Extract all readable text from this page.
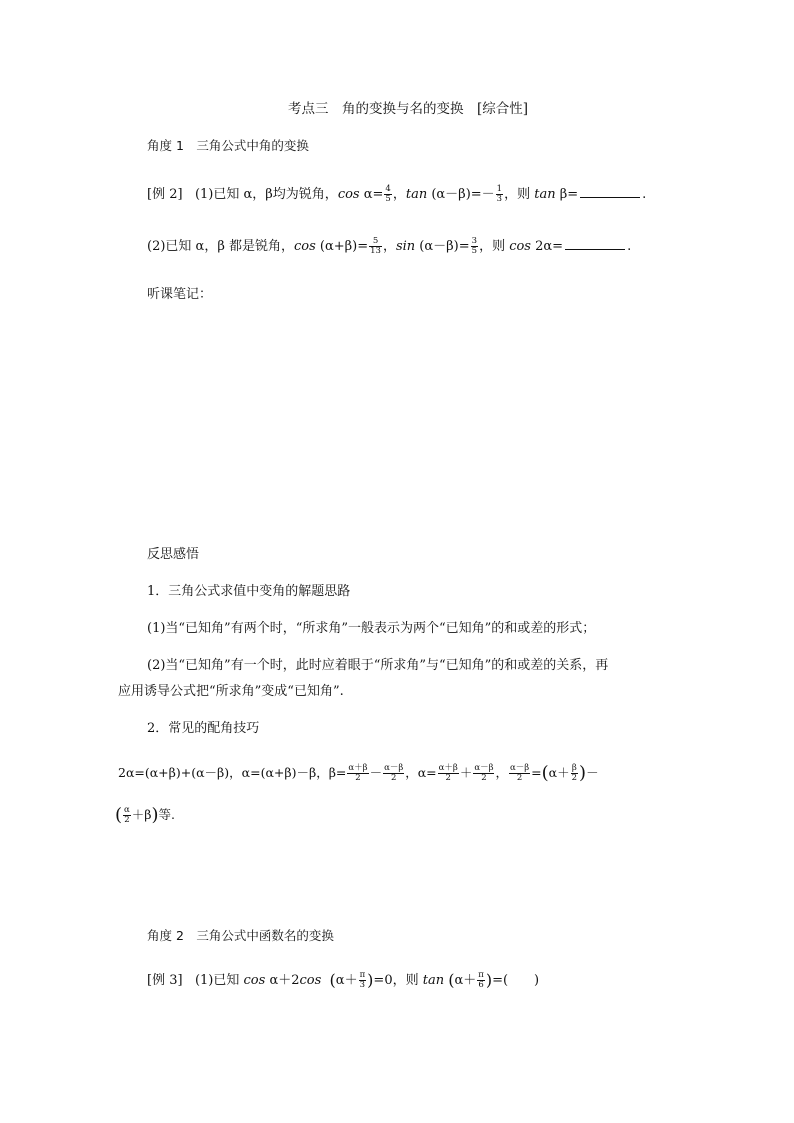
考点三　角的变换与名的变换　[综合性]
角度 1　三角公式中角的变换
[例 2] (1)已知 α，β均为锐角，$\cos \alpha= \frac{4}{5}$ ，$\tan (\alpha-\beta)=- \frac{1}{3}$ ，则 tan β=	.
(2)已知 α，β 都是锐角，$\cos (\alpha+\beta)= \frac{5}{13}$ ，$\sin (\alpha-\beta)= \frac{3}{5}$ ，则 cos 2α=	.
听课笔记：
反思感悟
1．三角公式求值中变角的解题思路
(1)当“已知角”有两个时，“所求角”一般表示为两个“已知角”的和或差的形式；
(2)当“已知角”有一个时，此时应着眼于“所求角”与“已知角”的和或差的关系，再
应用诱导公式把“所求角”变成“已知角”.
2．常见的配角技巧
2α=(α+β)+(α－β)，α=(α+β)－β，$\beta= \frac{\alpha+\beta}{2} - \frac{\alpha-\beta}{2}$ ，$\alpha= \frac{\alpha+\beta}{2} + \frac{\alpha-\beta}{2}$ ， $\frac{\alpha-\beta}{2} =(\alpha+ \frac{\beta}{2}$ )－
( $\frac{\alpha}{2} +\beta$)等.
角度 2　三角公式中函数名的变换
[例 3] (1)已知 cos α＋2cos $(\alpha+ \frac{\pi}{3} )=0$，则 $\tan (\alpha+ \frac{\pi}{6}$ )=(　　)
